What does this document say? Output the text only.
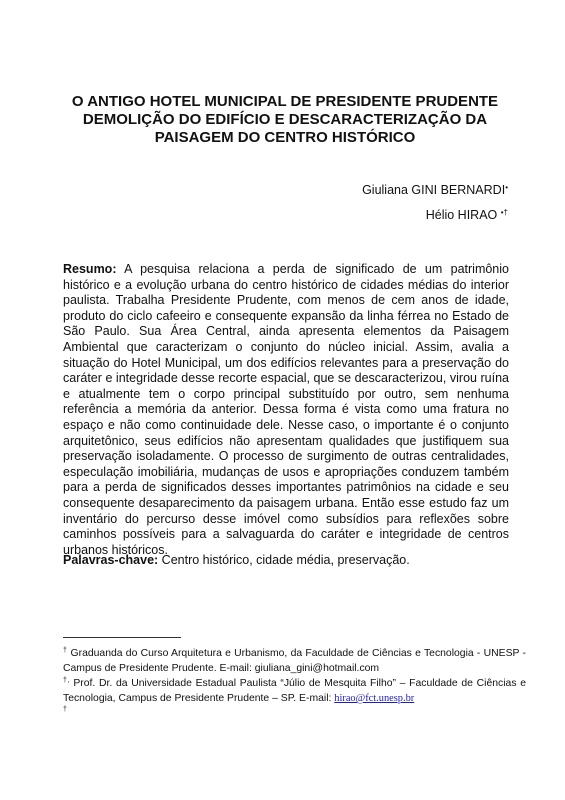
O ANTIGO HOTEL MUNICIPAL DE PRESIDENTE PRUDENTE
DEMOLIÇÃO DO EDIFÍCIO E DESCARACTERIZAÇÃO DA
PAISAGEM DO CENTRO HISTÓRICO
Giuliana GINI BERNARDI•
Hélio HIRAO •†

Resumo: A pesquisa relaciona a perda de significado de um patrimônio histórico e a evolução urbana do centro histórico de cidades médias do interior paulista. Trabalha Presidente Prudente, com menos de cem anos de idade, produto do ciclo cafeeiro e consequente expansão da linha férrea no Estado de São Paulo. Sua Área Central, ainda apresenta elementos da Paisagem Ambiental que caracterizam o conjunto do núcleo inicial. Assim, avalia a situação do Hotel Municipal, um dos edifícios relevantes para a preservação do caráter e integridade desse recorte espacial, que se descaracterizou, virou ruína e atualmente tem o corpo principal substituído por outro, sem nenhuma referência a memória da anterior. Dessa forma é vista como uma fratura no espaço e não como continuidade dele. Nesse caso, o importante é o conjunto arquitetônico, seus edifícios não apresentam qualidades que justifiquem sua preservação isoladamente. O processo de surgimento de outras centralidades, especulação imobiliária, mudanças de usos e apropriações conduzem também para a perda de significados desses importantes patrimônios na cidade e seu consequente desaparecimento da paisagem urbana. Então esse estudo faz um inventário do percurso desse imóvel como subsídios para reflexões sobre caminhos possíveis para a salvaguarda do caráter e integridade de centros urbanos históricos.

Palavras-chave: Centro histórico, cidade média, preservação.

† Graduanda do Curso Arquitetura e Urbanismo, da Faculdade de Ciências e Tecnologia - UNESP - Campus de Presidente Prudente. E-mail: giuliana_gini@hotmail.com

†, Prof. Dr. da Universidade Estadual Paulista “Júlio de Mesquita Filho” – Faculdade de Ciências e Tecnologia, Campus de Presidente Prudente – SP. E-mail: hirao@fct.unesp.br

†
